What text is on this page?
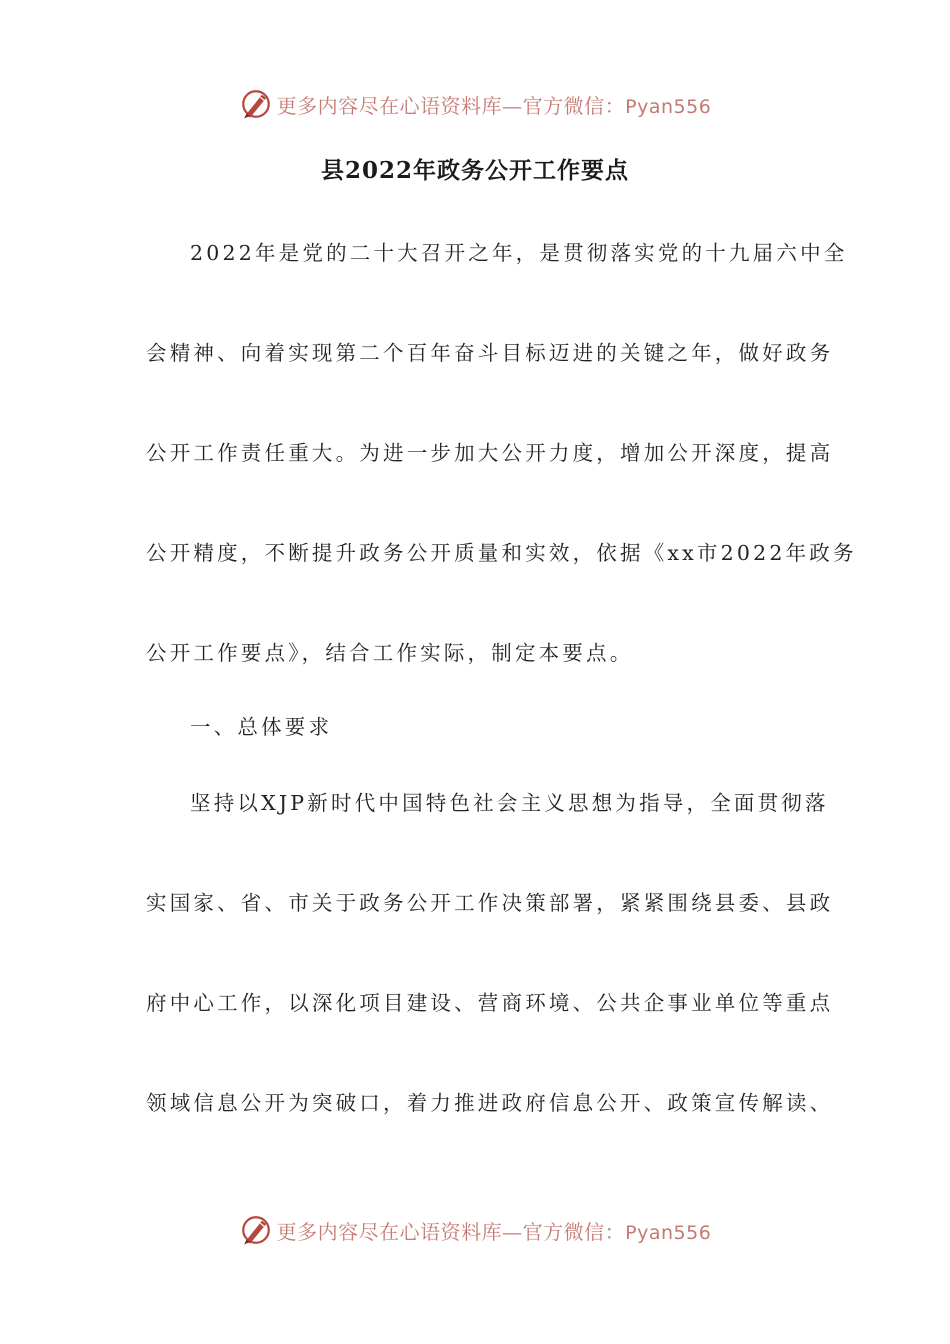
更多内容尽在心语资料库—官方微信：Pyan556
县2022年政务公开工作要点

2022年是党的二十大召开之年，是贯彻落实党的十九届六中全

会精神、向着实现第二个百年奋斗目标迈进的关键之年，做好政务

公开工作责任重大。为进一步加大公开力度，增加公开深度，提高

公开精度，不断提升政务公开质量和实效，依据《xx市2022年政务

公开工作要点》，结合工作实际，制定本要点。

一、总体要求

坚持以XJP新时代中国特色社会主义思想为指导，全面贯彻落

实国家、省、市关于政务公开工作决策部署，紧紧围绕县委、县政

府中心工作，以深化项目建设、营商环境、公共企事业单位等重点

领域信息公开为突破口，着力推进政府信息公开、政策宣传解读、

更多内容尽在心语资料库—官方微信：Pyan556
